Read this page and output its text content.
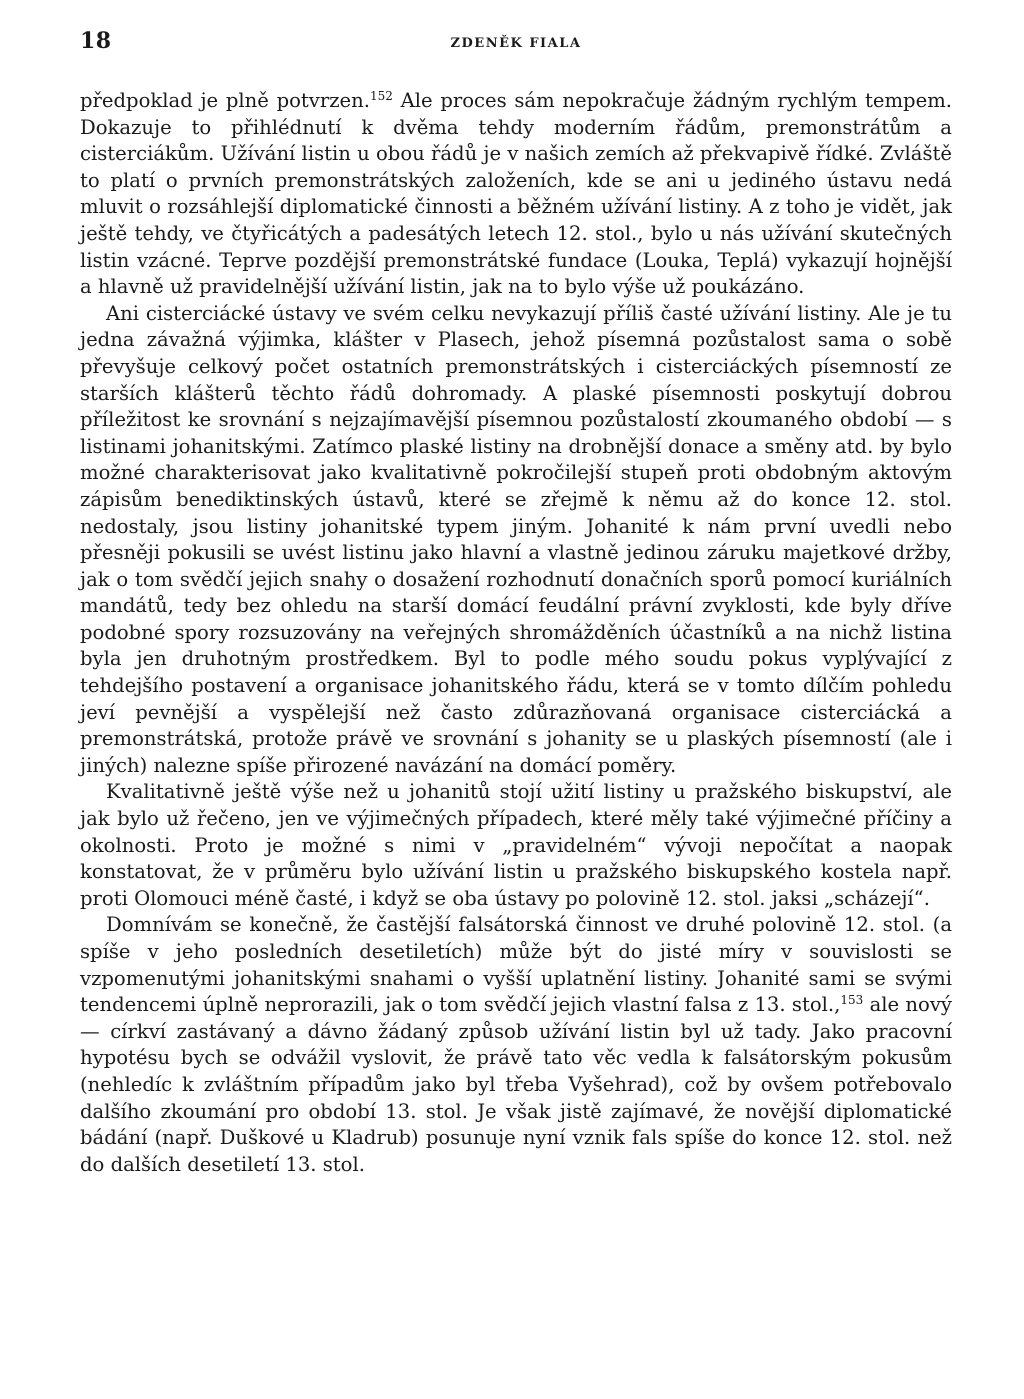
18	ZDENĚK FIALA

předpoklad je plně potvrzen.$^{152}$ Ale proces sám nepokračuje žádným rychlým tempem. Dokazuje to přihlédnutí k dvěma tehdy moderním řádům, premonstrátům a cisterciákům. Užívání listin u obou řádů je v našich zemích až překvapivě řídké. Zvláště to platí o prvních premonstrátských založeních, kde se ani u jediného ústavu nedá mluvit o rozsáhlejší diplomatické činnosti a běžném užívání listiny. A z toho je vidět, jak ještě tehdy, ve čtyřicátých a padesátých letech 12. stol., bylo u nás užívání skutečných listin vzácné. Teprve pozdější premonstrátské fundace (Louka, Teplá) vykazují hojnější a hlavně už pravidelnější užívání listin, jak na to bylo výše už poukázáno.

Ani cisterciácké ústavy ve svém celku nevykazují příliš časté užívání listiny. Ale je tu jedna závažná výjimka, klášter v Plasech, jehož písemná pozůstalost sama o sobě převyšuje celkový počet ostatních premonstrátských i cisterciáckých písemností ze starších klášterů těchto řádů dohromady. A plaské písemnosti poskytují dobrou příležitost ke srovnání s nejzajímavější písemnou pozůstalostí zkoumaného období — s listinami johanitskými. Zatímco plaské listiny na drobnější donace a směny atd. by bylo možné charakterisovat jako kvalitativně pokročilejší stupeň proti obdobným aktovým zápisům benediktinských ústavů, které se zřejmě k němu až do konce 12. stol. nedostaly, jsou listiny johanitské typem jiným. Johanité k nám první uvedli nebo přesněji pokusili se uvést listinu jako hlavní a vlastně jedinou záruku majetkové držby, jak o tom svědčí jejich snahy o dosažení rozhodnutí donačních sporů pomocí kuriálních mandátů, tedy bez ohledu na starší domácí feudální právní zvyklosti, kde byly dříve podobné spory rozsuzovány na veřejných shromážděních účastníků a na nichž listina byla jen druhotným prostředkem. Byl to podle mého soudu pokus vyplývající z tehdejšího postavení a organisace johanitského řádu, která se v tomto dílčím pohledu jeví pevnější a vyspělejší než často zdůrazňovaná organisace cisterciácká a premonstrátská, protože právě ve srovnání s johanity se u plaských písemností (ale i jiných) nalezne spíše přirozené navázání na domácí poměry.

Kvalitativně ještě výše než u johanitů stojí užití listiny u pražského biskupství, ale jak bylo už řečeno, jen ve výjimečných případech, které měly také výjimečné příčiny a okolnosti. Proto je možné s nimi v „pravidelném“ vývoji nepočítat a naopak konstatovat, že v průměru bylo užívání listin u pražského biskupského kostela např. proti Olomouci méně časté, i když se oba ústavy po polovině 12. stol. jaksi „scházejí“.

Domnívám se konečně, že častější falsátorská činnost ve druhé polovině 12. stol. (a spíše v jeho posledních desetiletích) může být do jisté míry v souvislosti se vzpomenutými johanitskými snahami o vyšší uplatnění listiny. Johanité sami se svými tendencemi úplně neprorazili, jak o tom svědčí jejich vlastní falsa z 13. stol.,$^{153}$ ale nový — církví zastávaný a dávno žádaný způsob užívání listin byl už tady. Jako pracovní hypotésu bych se odvážil vyslovit, že právě tato věc vedla k falsátorským pokusům (nehledíc k zvláštním případům jako byl třeba Vyšehrad), což by ovšem potřebovalo dalšího zkoumání pro období 13. stol. Je však jistě zajímavé, že novější diplomatické bádání (např. Duškové u Kladrub) posunuje nyní vznik fals spíše do konce 12. stol. než do dalších desetiletí 13. stol.
